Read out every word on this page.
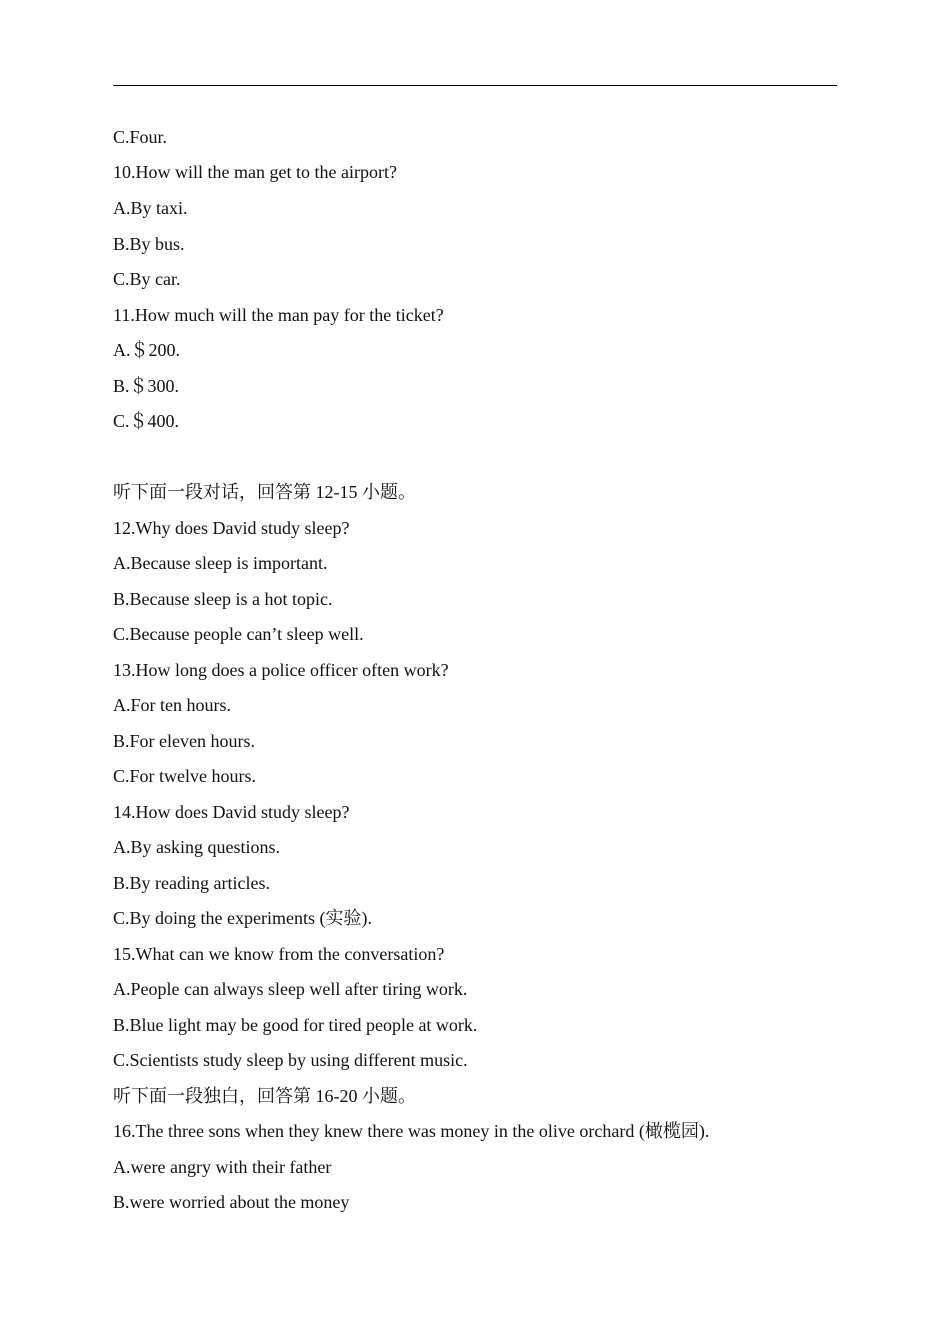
C.Four.
10.How will the man get to the airport?
A.By taxi.
B.By bus.
C.By car.
11.How much will the man pay for the ticket?
A.＄200.
B.＄300.
C.＄400.
听下面一段对话，回答第 12-15 小题。
12.Why does David study sleep?
A.Because sleep is important.
B.Because sleep is a hot topic.
C.Because people can’t sleep well.
13.How long does a police officer often work?
A.For ten hours.
B.For eleven hours.
C.For twelve hours.
14.How does David study sleep?
A.By asking questions.
B.By reading articles.
C.By doing the experiments (实验).
15.What can we know from the conversation?
A.People can always sleep well after tiring work.
B.Blue light may be good for tired people at work.
C.Scientists study sleep by using different music.
听下面一段独白，回答第 16-20 小题。
16.The three sons when they knew there was money in the olive orchard (橄榄园).
A.were angry with their father
B.were worried about the money
